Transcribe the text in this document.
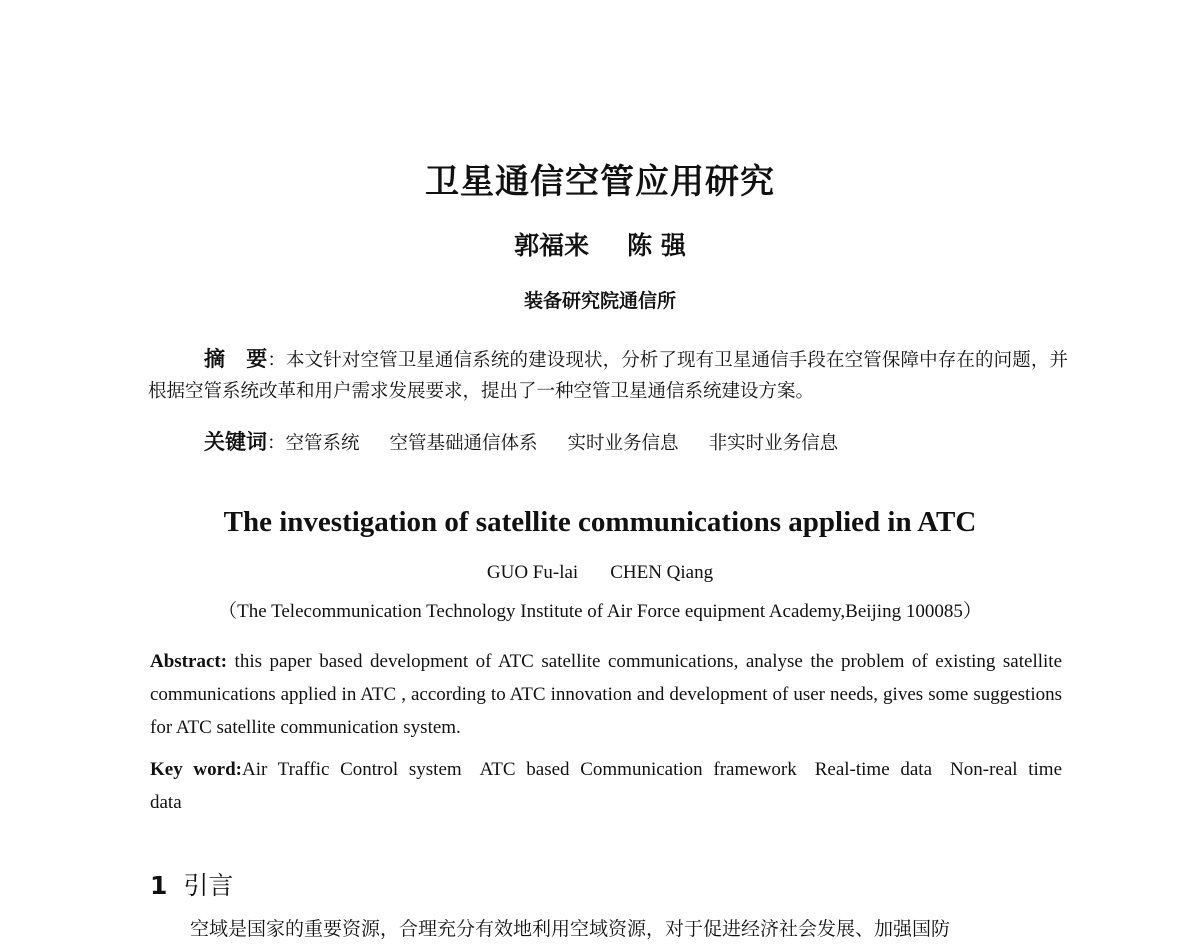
卫星通信空管应用研究
郭福来 陈 强
装备研究院通信所
摘　要：本文针对空管卫星通信系统的建设现状，分析了现有卫星通信手段在空管保障中存在的问题，并根据空管系统改革和用户需求发展要求，提出了一种空管卫星通信系统建设方案。
关键词：空管系统 空管基础通信体系 实时业务信息 非实时业务信息
The investigation of satellite communications applied in ATC
GUO Fu-lai CHEN Qiang
（The Telecommunication Technology Institute of Air Force equipment Academy,Beijing 100085）
Abstract: this paper based development of ATC satellite communications, analyse the problem of existing satellite communications applied in ATC , according to ATC innovation and development of user needs, gives some suggestions for ATC satellite communication system.
Key word:Air Traffic Control system ATC based Communication framework Real-time data Non-real time data
1 引言
空域是国家的重要资源，合理充分有效地利用空域资源，对于促进经济社会发展、加强国防
